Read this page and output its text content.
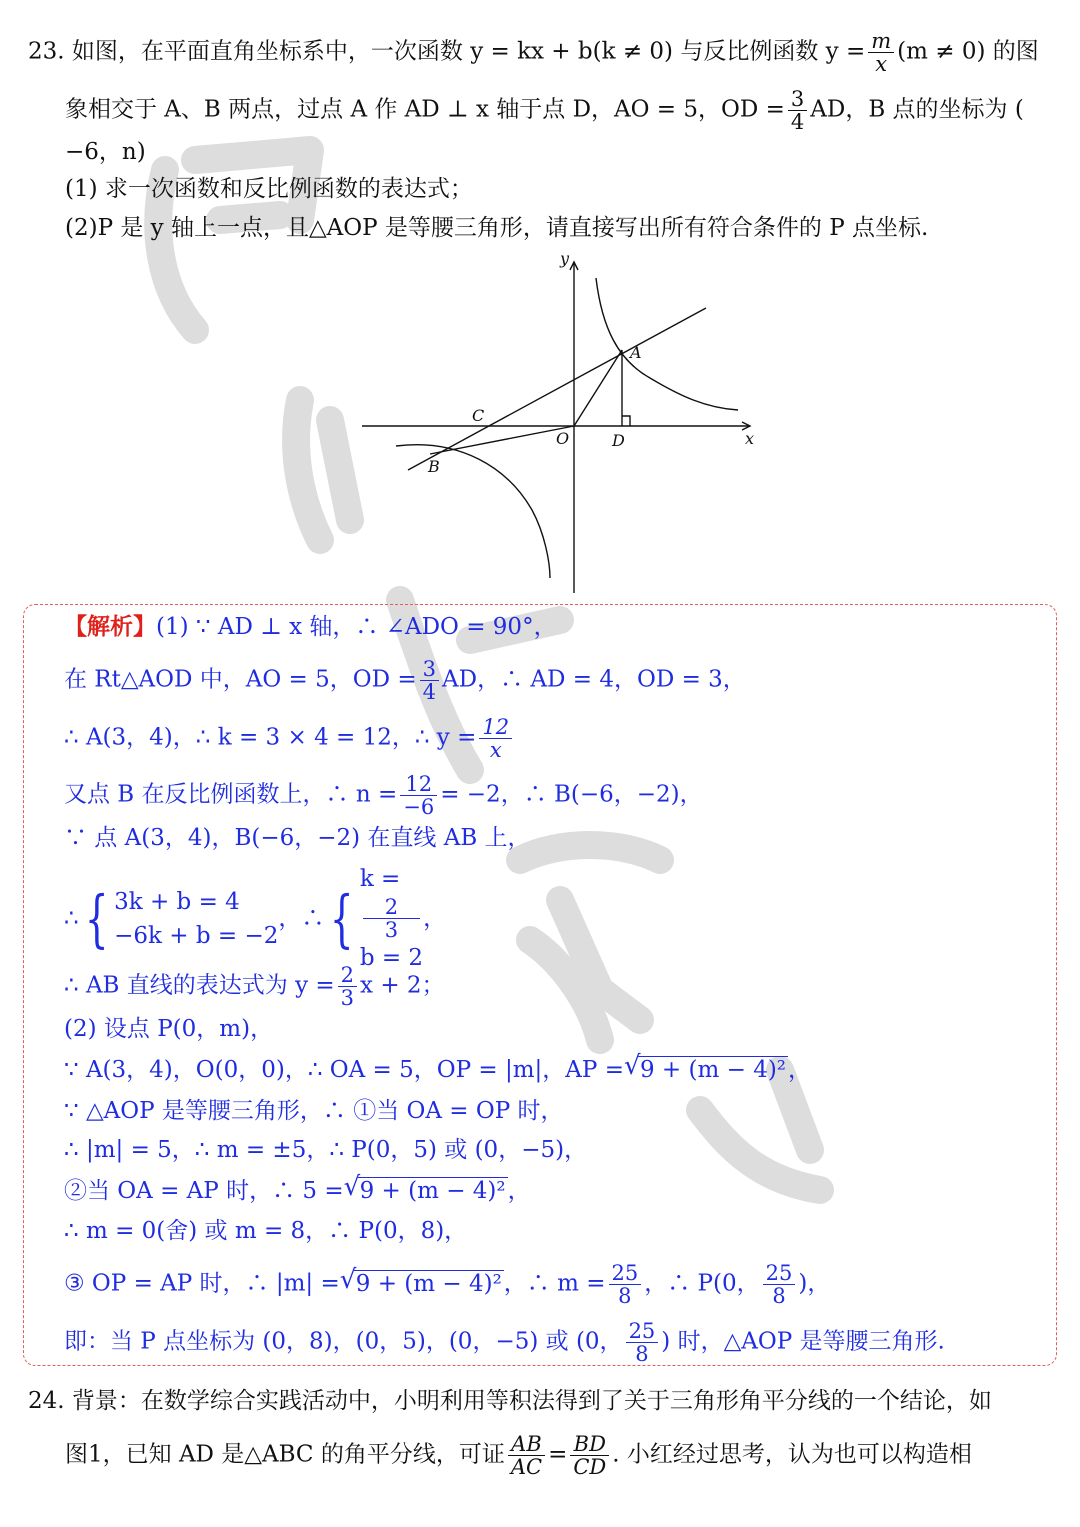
23. 如图，在平面直角坐标系中，一次函数 y = kx + b(k ≠ 0) 与反比例函数 $y = \frac{m}{x} (m \ne 0)$ 的图
象相交于 A、B 两点，过点 A 作 AD ⊥ x 轴于点 D，AO = 5，OD = $\frac{3}{4}$ AD，B 点的坐标为 (
−6，n)
(1) 求一次函数和反比例函数的表达式；
(2)P 是 y 轴上一点，且△AOP 是等腰三角形，请直接写出所有符合条件的 P 点坐标.
y
x
A
B
C
O	D
【解析】(1) ∵ AD ⊥ x 轴，∴ ∠ADO = 90°，
在 Rt△AOD 中，AO = 5，OD = $\frac{3}{4}$ AD，∴ AD = 4，OD = 3，
∴ A(3，4)，∴ k = 3 × 4 = 12，∴ $y = \frac{12}{x}$
又点 B 在反比例函数上，∴ $n = \frac{12}{-6} = -2$，∴ B(−6，−2)，
∵ 点 A(3，4)，B(−6，−2) 在直线 AB 上，
∴{ 3k + b = 4
−6k + b = −2
，∴{
k =
2
3
b = 2
，
∴ AB 直线的表达式为 $y = \frac{2}{3}$ x + 2；
(2) 设点 P(0，m)，
∵ A(3，4)，O(0，0)，∴ OA = 5，OP = |m|，AP = √ 9 + (m − 4)²，
∵ △AOP 是等腰三角形，∴ ①当 OA = OP 时，
∴ |m| = 5，∴ m = ±5，∴ P(0，5) 或 (0，−5)，
②当 OA = AP 时，∴ 5 = √ 9 + (m − 4)²，
∴ m = 0(舍) 或 m = 8，∴ P(0，8)，
③ OP = AP 时，∴ |m| = √ 9 + (m − 4)²，∴ $m = \frac{25}{8}$ ，∴ P(0， $\frac{25}{8}$ )，
即：当 P 点坐标为 (0，8)，(0，5)，(0，−5) 或 (0， $\frac{25}{8}$ ) 时，△AOP 是等腰三角形.
24. 背景：在数学综合实践活动中，小明利用等积法得到了关于三角形角平分线的一个结论，如
图1，已知 AD 是△ABC 的角平分线，可证 $\frac{AB}{AC} = \frac{BD}{CD}$ . 小红经过思考，认为也可以构造相
